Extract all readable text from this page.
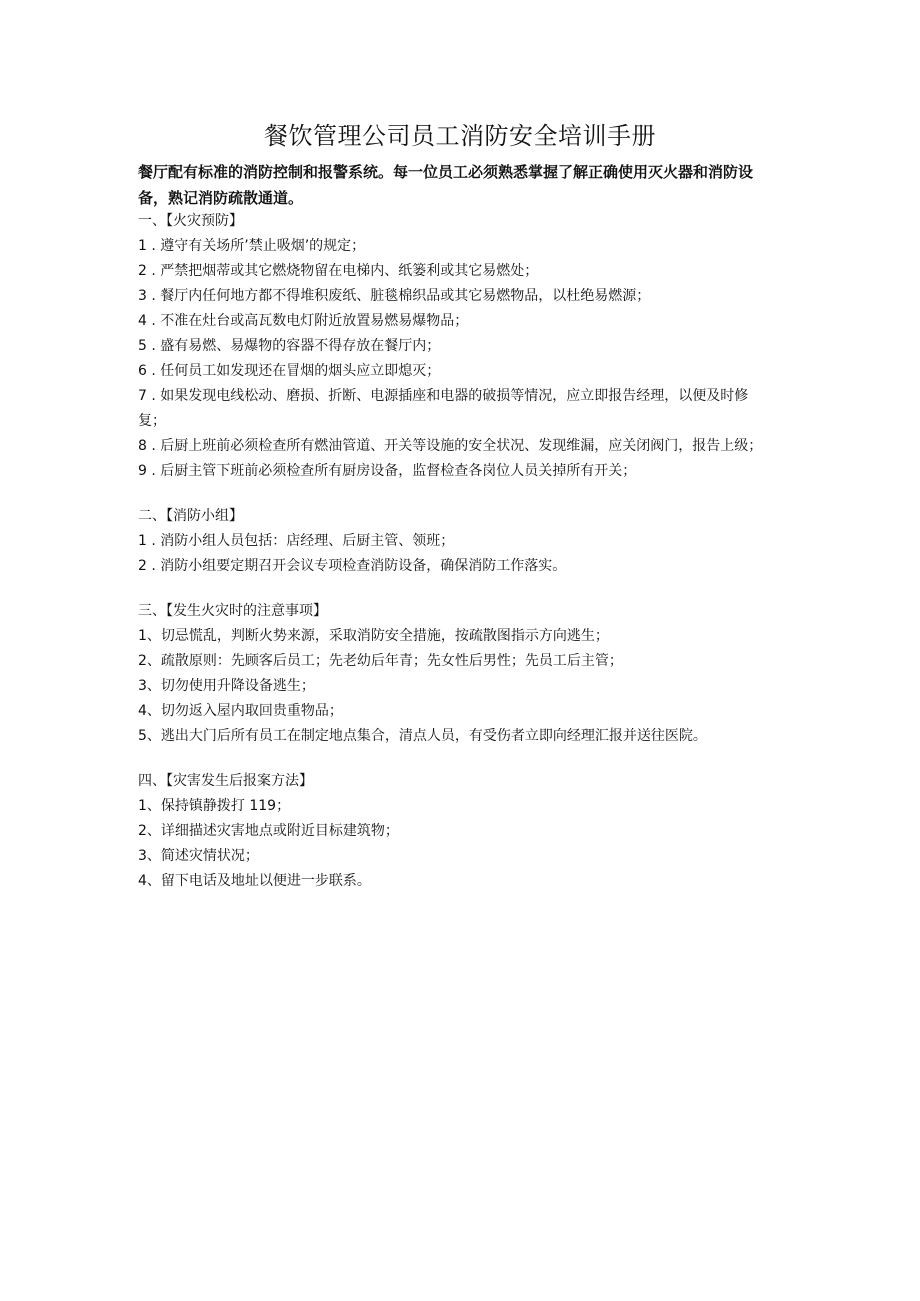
餐饮管理公司员工消防安全培训手册
餐厅配有标准的消防控制和报警系统。每一位员工必须熟悉掌握了解正确使用灭火器和消防设备，熟记消防疏散通道。
一、【火灾预防】
1 . 遵守有关场所’禁止吸烟’的规定；
2 . 严禁把烟蒂或其它燃烧物留在电梯内、纸篓利或其它易燃处；
3 . 餐厅内任何地方都不得堆积废纸、脏毯棉织品或其它易燃物品，以杜绝易燃源；
4 . 不准在灶台或高瓦数电灯附近放置易燃易爆物品；
5 . 盛有易燃、易爆物的容器不得存放在餐厅内；
6 . 任何员工如发现还在冒烟的烟头应立即熄灭；
7 . 如果发现电线松动、磨损、折断、电源插座和电器的破损等情况，应立即报告经理，以便及时修复；
8 . 后厨上班前必须检查所有燃油管道、开关等设施的安全状况、发现维漏，应关闭阀门，报告上级；
9 . 后厨主管下班前必须检查所有厨房设备，监督检查各岗位人员关掉所有开关；
二、【消防小组】
1 . 消防小组人员包括：店经理、后厨主管、领班；
2 . 消防小组要定期召开会议专项检查消防设备，确保消防工作落实。
三、【发生火灾时的注意事项】
1、切忌慌乱，判断火势来源，采取消防安全措施，按疏散图指示方向逃生；
2、疏散原则：先顾客后员工；先老幼后年青；先女性后男性；先员工后主管；
3、切勿使用升降设备逃生；
4、切勿返入屋内取回贵重物品；
5、逃出大门后所有员工在制定地点集合，清点人员，有受伤者立即向经理汇报并送往医院。
四、【灾害发生后报案方法】
1、保持镇静拨打 119；
2、详细描述灾害地点或附近目标建筑物；
3、简述灾情状况；
4、留下电话及地址以便进一步联系。
